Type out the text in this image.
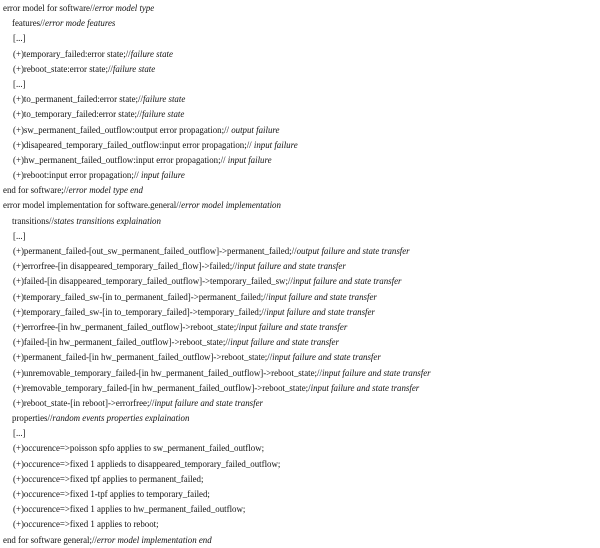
error model for software//error model type
features//error mode features
[...]
(+)temporary_failed:error state;//failure state
(+)reboot_state:error state;//failure state
[...]
(+)to_permanent_failed:error state;//failure state
(+)to_temporary_failed:error state;//failure state
(+)sw_permanent_failed_outflow:output error propagation;// output failure
(+)disapeared_temporary_failed_outflow:input error propagation;// input failure
(+)hw_permanent_failed_outflow:input error propagation;// input failure
(+)reboot:input error propagation;// input failure
end for software;//error model type end
error model implementation for software.general//error model implementation
transitions//states transitions explaination
[...]
(+)permanent_failed-[out_sw_permanent_failed_outflow]->permanent_failed;//output failure and state transfer
(+)errorfree-[in disappeared_temporary_failed_flow]->failed;//input failure and state transfer
(+)failed-[in disappeared_temporary_failed_outflow]->temporary_failed_sw;//input failure and state transfer
(+)temporary_failed_sw-[in to_permanent_failed]->permanent_failed;//input failure and state transfer
(+)temporary_failed_sw-[in to_temporary_failed]->temporary_failed;//input failure and state transfer
(+)errorfree-[in hw_permanent_failed_outflow]->reboot_state;/input failure and state transfer
(+)failed-[in hw_permanent_failed_outflow]->reboot_state;//input failure and state transfer
(+)permanent_failed-[in hw_permanent_failed_outflow]->reboot_state;//input failure and state transfer
(+)unremovable_temporary_failed-[in hw_permanent_failed_outflow]->reboot_state;//input failure and state transfer
(+)removable_temporary_failed-[in hw_permanent_failed_outflow]->reboot_state;/input failure and state transfer
(+)reboot_state-[in reboot]->errorfree;//input failure and state transfer
properties//random events properties explaination
[...]
(+)occurence=>poisson spfo applies to sw_permanent_failed_outflow;
(+)occurence=>fixed 1 applieds to disappeared_temporary_failed_outflow;
(+)occurence=>fixed tpf applies to permanent_failed;
(+)occurence=>fixed 1-tpf applies to temporary_failed;
(+)occurence=>fixed 1 applies to hw_permanent_failed_outflow;
(+)occurence=>fixed 1 applies to reboot;
end for software general;//error model implementation end
